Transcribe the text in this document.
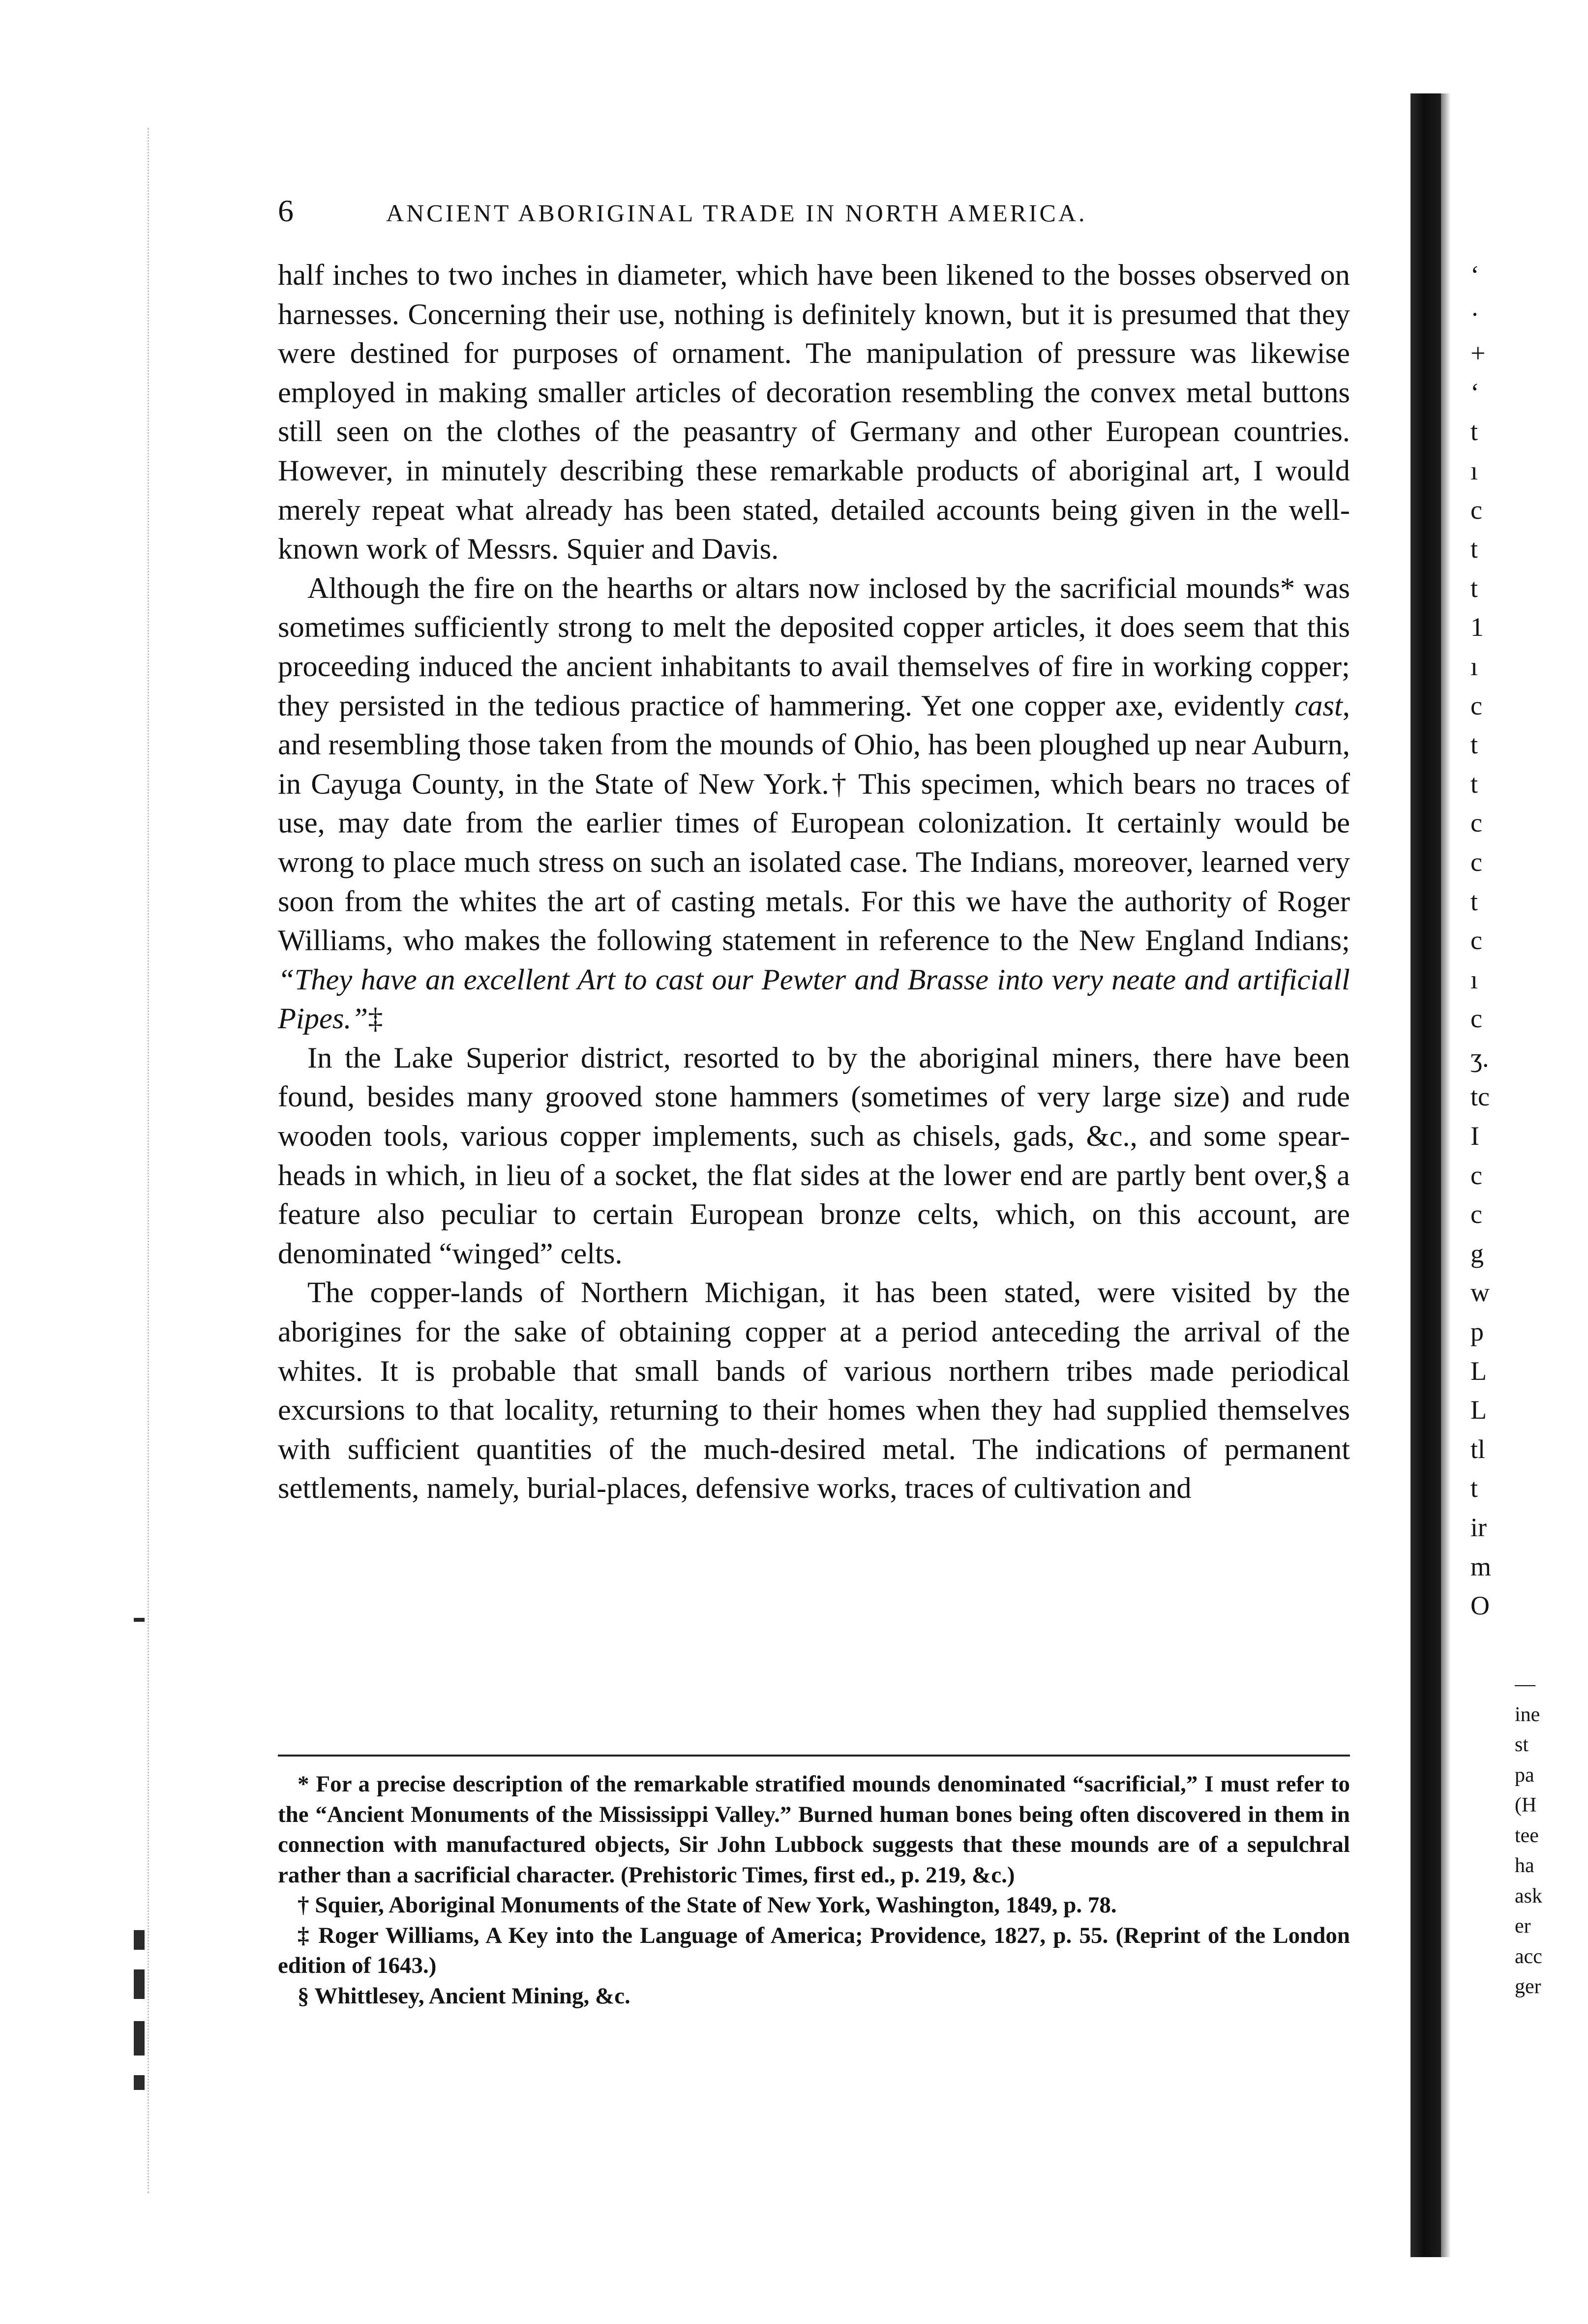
6	ANCIENT ABORIGINAL TRADE IN NORTH AMERICA.

half inches to two inches in diameter, which have been likened to the bosses observed on harnesses. Concerning their use, nothing is definitely known, but it is presumed that they were destined for purposes of ornament. The manipulation of pressure was likewise employed in making smaller articles of decoration resembling the convex metal buttons still seen on the clothes of the peasantry of Germany and other European countries. However, in minutely describing these remarkable products of aboriginal art, I would merely repeat what already has been stated, detailed accounts being given in the well-known work of Messrs. Squier and Davis.

Although the fire on the hearths or altars now inclosed by the sacrificial mounds* was sometimes sufficiently strong to melt the deposited copper articles, it does seem that this proceeding induced the ancient inhabitants to avail themselves of fire in working copper; they persisted in the tedious practice of hammering. Yet one copper axe, evidently cast, and resembling those taken from the mounds of Ohio, has been ploughed up near Auburn, in Cayuga County, in the State of New York.† This specimen, which bears no traces of use, may date from the earlier times of European colonization. It certainly would be wrong to place much stress on such an isolated case. The Indians, moreover, learned very soon from the whites the art of casting metals. For this we have the authority of Roger Williams, who makes the following statement in reference to the New England Indians; “They have an excellent Art to cast our Pewter and Brasse into very neate and artificiall Pipes.”‡

In the Lake Superior district, resorted to by the aboriginal miners, there have been found, besides many grooved stone hammers (sometimes of very large size) and rude wooden tools, various copper implements, such as chisels, gads, &c., and some spear-heads in which, in lieu of a socket, the flat sides at the lower end are partly bent over,§ a feature also peculiar to certain European bronze celts, which, on this account, are denominated “winged” celts.

The copper-lands of Northern Michigan, it has been stated, were visited by the aborigines for the sake of obtaining copper at a period anteceding the arrival of the whites. It is probable that small bands of various northern tribes made periodical excursions to that locality, returning to their homes when they had supplied themselves with sufficient quantities of the much-desired metal. The indications of permanent settlements, namely, burial-places, defensive works, traces of cultivation and

* For a precise description of the remarkable stratified mounds denominated “sacrificial,” I must refer to the “Ancient Monuments of the Mississippi Valley.” Burned human bones being often discovered in them in connection with manufactured objects, Sir John Lubbock suggests that these mounds are of a sepulchral rather than a sacrificial character. (Prehistoric Times, first ed., p. 219, &c.)

† Squier, Aboriginal Monuments of the State of New York, Washington, 1849, p. 78.

‡ Roger Williams, A Key into the Language of America; Providence, 1827, p. 55. (Reprint of the London edition of 1643.)

§ Whittlesey, Ancient Mining, &c.

‘
·
+
‘
t
ı
c
t
t
1
ı
c
t
t
c
c
t
c
ı
c
ʒ.
tc
I
c
c
g
w
p
L
L
tl
t
ir
m
O
—
ine
st
pa
(H
tee
ha
ask
er
acc
ger
